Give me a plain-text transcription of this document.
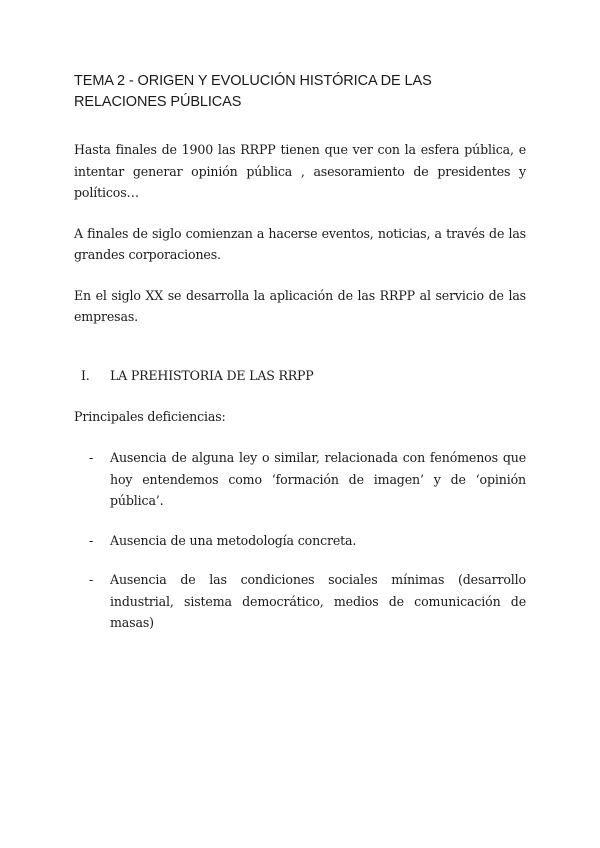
TEMA 2 - ORIGEN Y EVOLUCIÓN HISTÓRICA DE LAS RELACIONES PÚBLICAS

Hasta finales de 1900 las RRPP tienen que ver con la esfera pública, e intentar generar opinión pública , asesoramiento de presidentes y políticos…

A finales de siglo comienzan a hacerse eventos, noticias, a través de las grandes corporaciones.

En el siglo XX se desarrolla la aplicación de las RRPP al servicio de las empresas.

I.	LA PREHISTORIA DE LAS RRPP

Principales deficiencias:

-	Ausencia de alguna ley o similar, relacionada con fenómenos que hoy entendemos como ‘formación de imagen’ y de ‘opinión pública’.
-	Ausencia de una metodología concreta.
-	Ausencia de las condiciones sociales mínimas (desarrollo industrial, sistema democrático, medios de comunicación de masas)
